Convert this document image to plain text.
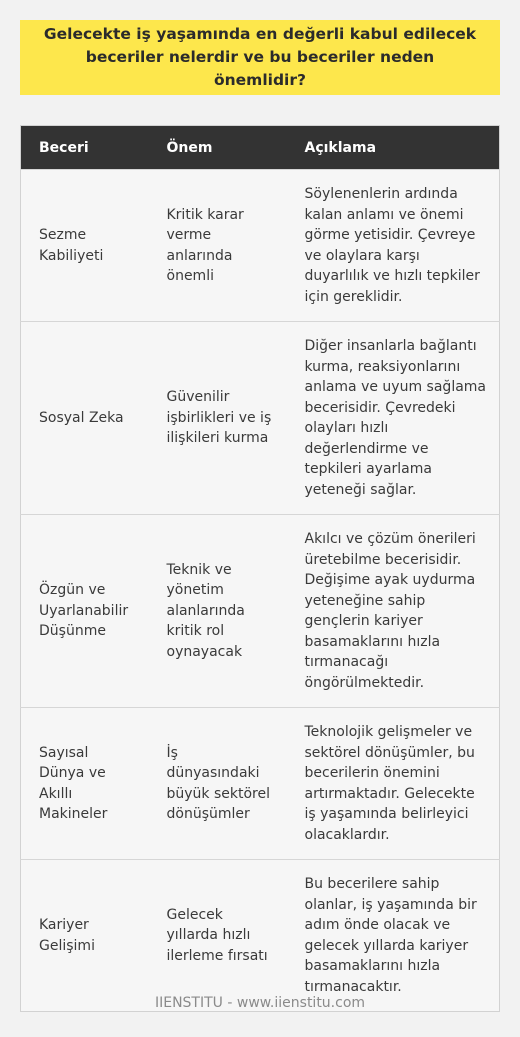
Gelecekte iş yaşamında en değerli kabul edilecek beceriler nelerdir ve bu beceriler neden önemlidir?
Beceri	Önem	Açıklama
Sezme Kabiliyeti	Kritik karar verme anlarında önemli	Söylenenlerin ardında kalan anlamı ve önemi görme yetisidir. Çevreye ve olaylara karşı duyarlılık ve hızlı tepkiler için gereklidir.
Sosyal Zeka	Güvenilir işbirlikleri ve iş ilişkileri kurma	Diğer insanlarla bağlantı kurma, reaksiyonlarını anlama ve uyum sağlama becerisidir. Çevredeki olayları hızlı değerlendirme ve tepkileri ayarlama yeteneği sağlar.
Özgün ve Uyarlanabilir Düşünme	Teknik ve yönetim alanlarında kritik rol oynayacak	Akılcı ve çözüm önerileri üretebilme becerisidir. Değişime ayak uydurma yeteneğine sahip gençlerin kariyer basamaklarını hızla tırmanacağı öngörülmektedir.
Sayısal Dünya ve Akıllı Makineler	İş dünyasındaki büyük sektörel dönüşümler	Teknolojik gelişmeler ve sektörel dönüşümler, bu becerilerin önemini artırmaktadır. Gelecekte iş yaşamında belirleyici olacaklardır.
Kariyer Gelişimi	Gelecek yıllarda hızlı ilerleme fırsatı	Bu becerilere sahip olanlar, iş yaşamında bir adım önde olacak ve gelecek yıllarda kariyer basamaklarını hızla tırmanacaktır.
IIENSTITU - www.iienstitu.com
